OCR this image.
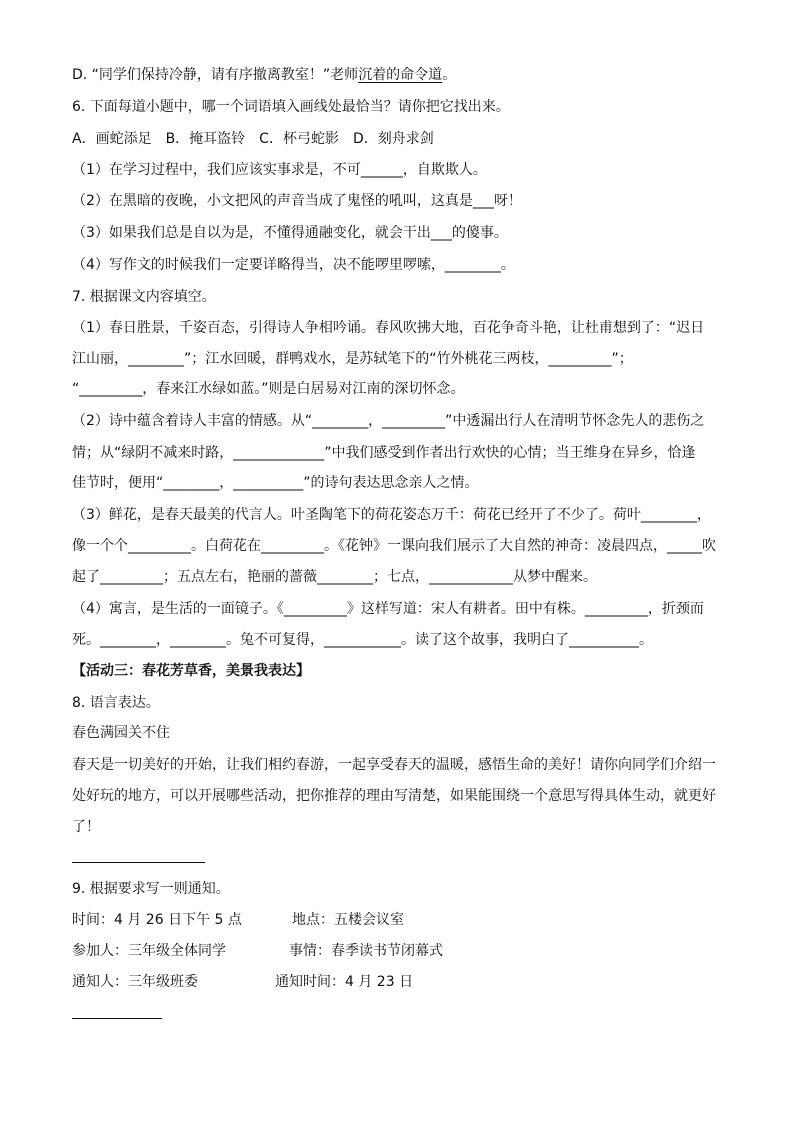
D. “同学们保持冷静，请有序撤离教室！”老师沉着的命令道。
6. 下面每道小题中，哪一个词语填入画线处最恰当？请你把它找出来。
A．画蛇添足　B．掩耳盗铃　C．杯弓蛇影　D．刻舟求剑
（1）在学习过程中，我们应该实事求是，不可______，自欺欺人。
（2）在黑暗的夜晚，小文把风的声音当成了鬼怪的吼叫，这真是___呀！
（3）如果我们总是自以为是，不懂得通融变化，就会干出___的傻事。
（4）写作文的时候我们一定要详略得当，决不能啰里啰嗦，________。
7. 根据课文内容填空。
（1）春日胜景，千姿百态，引得诗人争相吟诵。春风吹拂大地，百花争奇斗艳，让杜甫想到了：“迟日
江山丽，________”；江水回暖，群鸭戏水，是苏轼笔下的“竹外桃花三两枝，_________”；
“_________，春来江水绿如蓝。”则是白居易对江南的深切怀念。
（2）诗中蕴含着诗人丰富的情感。从“________，_________”中透漏出行人在清明节怀念先人的悲伤之
情；从“绿阴不减来时路，_____________”中我们感受到作者出行欢快的心情；当王维身在异乡，恰逢
佳节时，便用“________，__________”的诗句表达思念亲人之情。
（3）鲜花，是春天最美的代言人。叶圣陶笔下的荷花姿态万千：荷花已经开了不少了。荷叶________，
像一个个_________。白荷花在_________。《花钟》一课向我们展示了大自然的神奇：凌晨四点，_____吹
起了_________；五点左右，艳丽的蔷薇________；七点，____________从梦中醒来。
（4）寓言，是生活的一面镜子。《_________》这样写道：宋人有耕者。田中有株。_________，折颈而
死。________，________。兔不可复得，___________。读了这个故事，我明白了__________。
【活动三：春花芳草香，美景我表达】
8. 语言表达。
春色满园关不住
春天是一切美好的开始，让我们相约春游，一起享受春天的温暖，感悟生命的美好！请你向同学们介绍一
处好玩的地方，可以开展哪些活动，把你推荐的理由写清楚，如果能围绕一个意思写得具体生动，就更好
了！
9. 根据要求写一则通知。
时间：4 月 26 日下午 5 点	地点：五楼会议室
参加人：三年级全体同学	事情：春季读书节闭幕式
通知人：三年级班委	通知时间：4 月 23 日
